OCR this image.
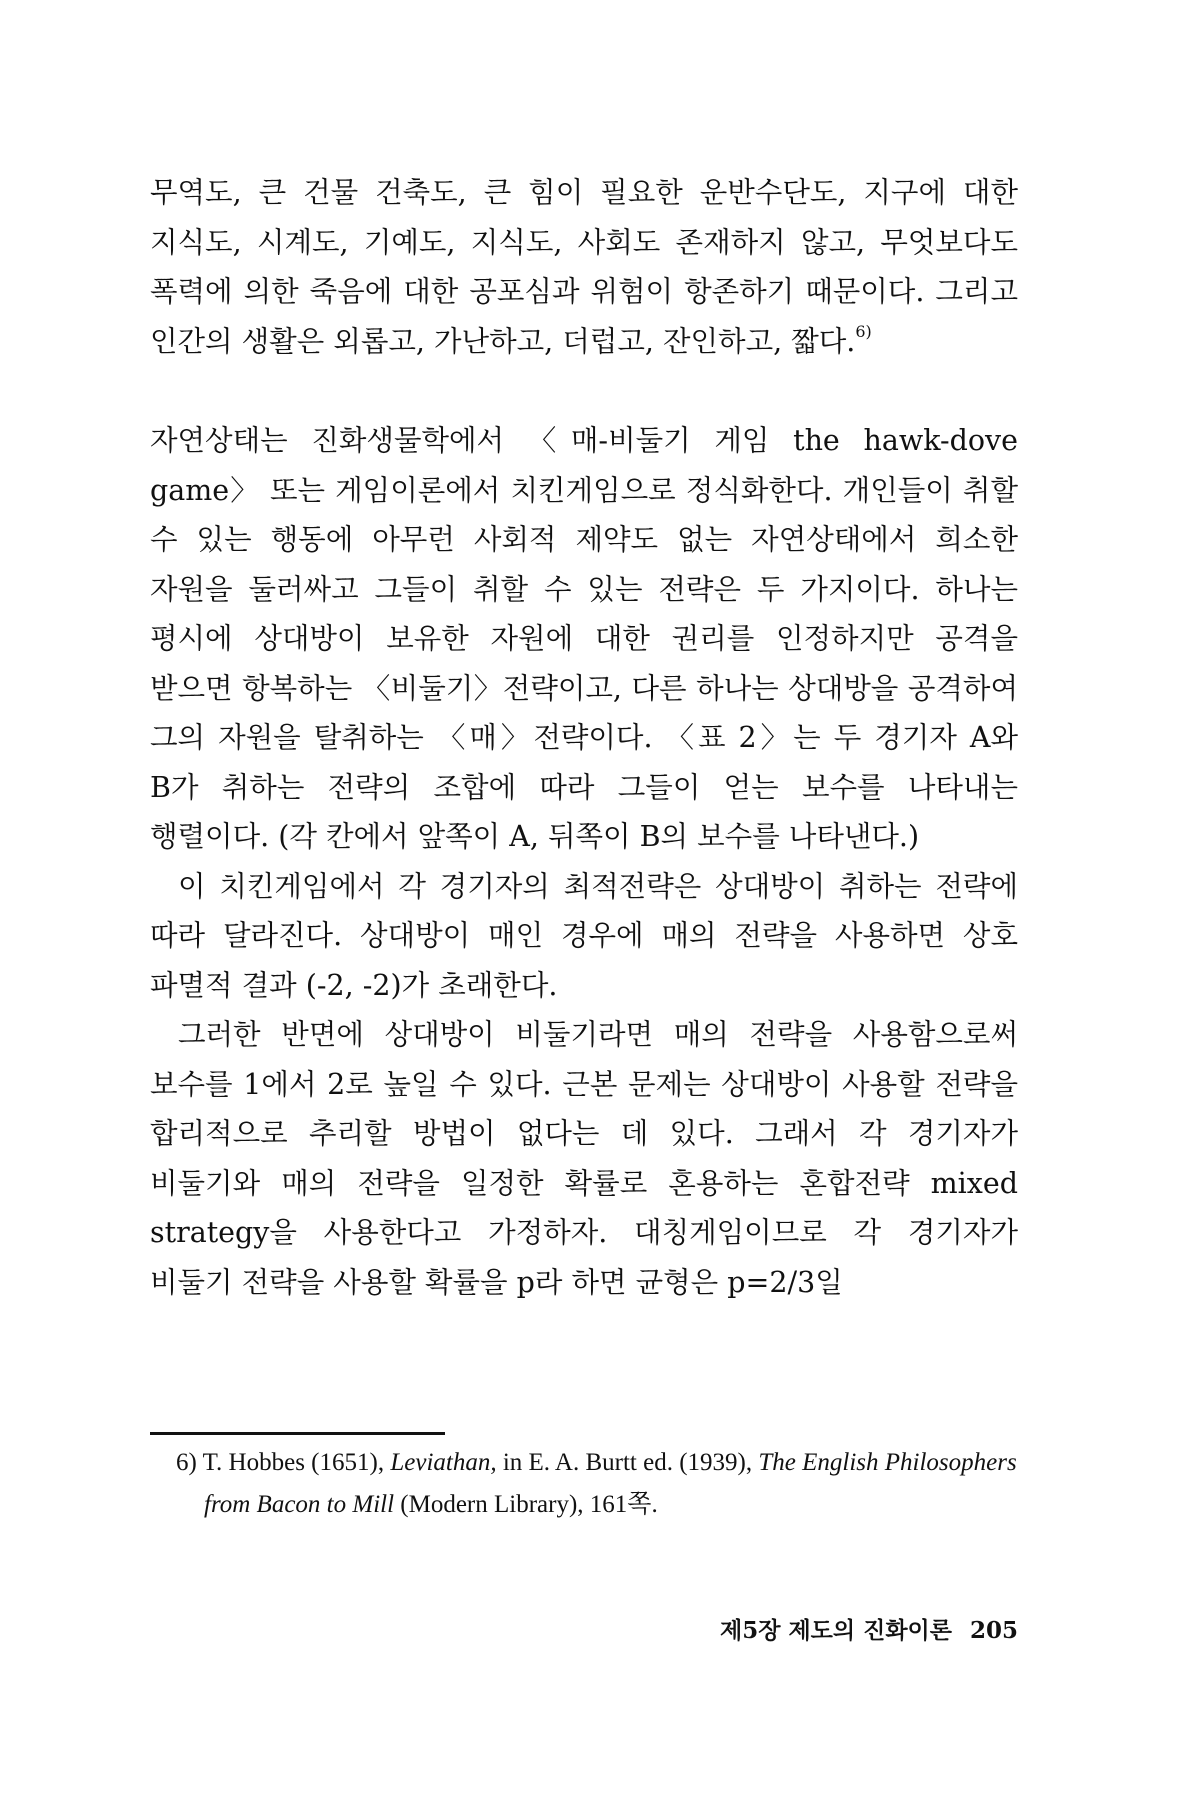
무역도, 큰 건물 건축도, 큰 힘이 필요한 운반수단도, 지구에 대한 지식도, 시계도, 기예도, 지식도, 사회도 존재하지 않고, 무엇보다도 폭력에 의한 죽음에 대한 공포심과 위험이 항존하기 때문이다. 그리고 인간의 생활은 외롭고, 가난하고, 더럽고, 잔인하고, 짧다.$^{6)}$

자연상태는 진화생물학에서 〈매-비둘기 게임 the hawk-dove game〉 또는 게임이론에서 치킨게임으로 정식화한다. 개인들이 취할 수 있는 행동에 아무런 사회적 제약도 없는 자연상태에서 희소한 자원을 둘러싸고 그들이 취할 수 있는 전략은 두 가지이다. 하나는 평시에 상대방이 보유한 자원에 대한 권리를 인정하지만 공격을 받으면 항복하는 〈비둘기〉전략이고, 다른 하나는 상대방을 공격하여 그의 자원을 탈취하는 〈매〉전략이다. 〈표 2〉는 두 경기자 A와 B가 취하는 전략의 조합에 따라 그들이 얻는 보수를 나타내는 행렬이다. (각 칸에서 앞쪽이 A, 뒤쪽이 B의 보수를 나타낸다.)

이 치킨게임에서 각 경기자의 최적전략은 상대방이 취하는 전략에 따라 달라진다. 상대방이 매인 경우에 매의 전략을 사용하면 상호 파멸적 결과 (-2, -2)가 초래한다.

그러한 반면에 상대방이 비둘기라면 매의 전략을 사용함으로써 보수를 1에서 2로 높일 수 있다. 근본 문제는 상대방이 사용할 전략을 합리적으로 추리할 방법이 없다는 데 있다. 그래서 각 경기자가 비둘기와 매의 전략을 일정한 확률로 혼용하는 혼합전략 mixed strategy을 사용한다고 가정하자. 대칭게임이므로 각 경기자가 비둘기 전략을 사용할 확률을 p라 하면 균형은 p=2/3일

6) T. Hobbes (1651), Leviathan, in E. A. Burtt ed. (1939), The English Philosophers from Bacon to Mill (Modern Library), 161쪽.
제5장 제도의 진화이론 205
